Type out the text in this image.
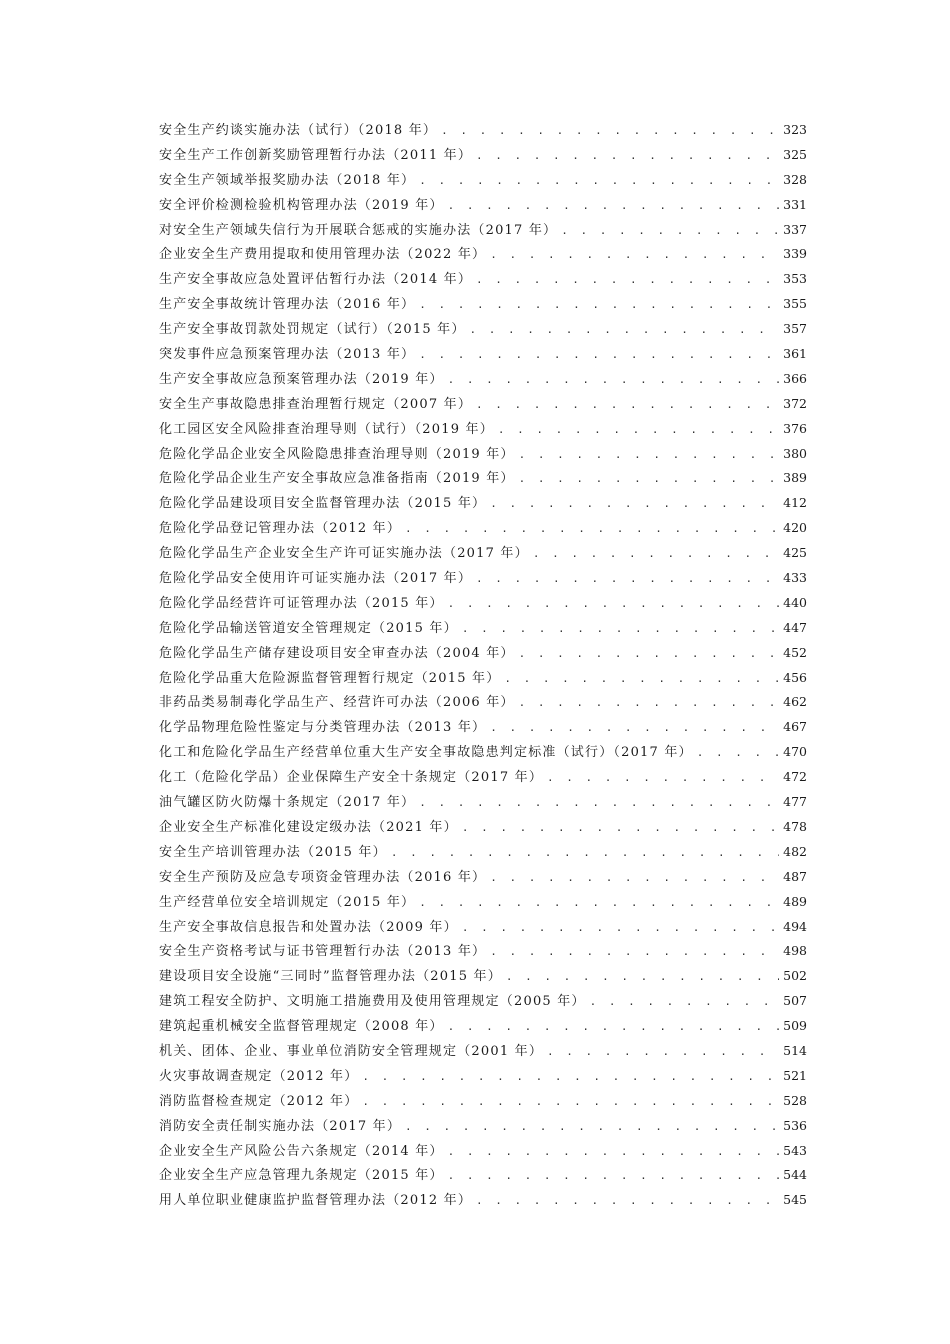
安全生产约谈实施办法（试行）（2018 年） . . .	323
安全生产工作创新奖励管理暂行办法（2011 年） . . .	325
安全生产领域举报奖励办法（2018 年） . . .	328
安全评价检测检验机构管理办法（2019 年） . . .	331
对安全生产领域失信行为开展联合惩戒的实施办法（2017 年） . . .	337
企业安全生产费用提取和使用管理办法（2022 年） . . .	339
生产安全事故应急处置评估暂行办法（2014 年） . . .	353
生产安全事故统计管理办法（2016 年） . . .	355
生产安全事故罚款处罚规定（试行）（2015 年） . . .	357
突发事件应急预案管理办法（2013 年） . . .	361
生产安全事故应急预案管理办法（2019 年） . . .	366
安全生产事故隐患排查治理暂行规定（2007 年） . . .	372
化工园区安全风险排查治理导则（试行）（2019 年） . . .	376
危险化学品企业安全风险隐患排查治理导则（2019 年） . . .	380
危险化学品企业生产安全事故应急准备指南（2019 年） . . .	389
危险化学品建设项目安全监督管理办法（2015 年） . . .	412
危险化学品登记管理办法（2012 年） . . .	420
危险化学品生产企业安全生产许可证实施办法（2017 年） . . .	425
危险化学品安全使用许可证实施办法（2017 年） . . .	433
危险化学品经营许可证管理办法（2015 年） . . .	440
危险化学品输送管道安全管理规定（2015 年） . . .	447
危险化学品生产储存建设项目安全审查办法（2004 年） . . .	452
危险化学品重大危险源监督管理暂行规定（2015 年） . . .	456
非药品类易制毒化学品生产、经营许可办法（2006 年） . . .	462
化学品物理危险性鉴定与分类管理办法（2013 年） . . .	467
化工和危险化学品生产经营单位重大生产安全事故隐患判定标准（试行）（2017 年） . . .	470
化工（危险化学品）企业保障生产安全十条规定（2017 年） . . .	472
油气罐区防火防爆十条规定（2017 年） . . .	477
企业安全生产标准化建设定级办法（2021 年） . . .	478
安全生产培训管理办法（2015 年） . . .	482
安全生产预防及应急专项资金管理办法（2016 年） . . .	487
生产经营单位安全培训规定（2015 年） . . .	489
生产安全事故信息报告和处置办法（2009 年） . . .	494
安全生产资格考试与证书管理暂行办法（2013 年） . . .	498
建设项目安全设施“三同时”监督管理办法（2015 年） . . .	502
建筑工程安全防护、文明施工措施费用及使用管理规定（2005 年） . . .	507
建筑起重机械安全监督管理规定（2008 年） . . .	509
机关、团体、企业、事业单位消防安全管理规定（2001 年） . . .	514
火灾事故调查规定（2012 年） . . .	521
消防监督检查规定（2012 年） . . .	528
消防安全责任制实施办法（2017 年） . . .	536
企业安全生产风险公告六条规定（2014 年） . . .	543
企业安全生产应急管理九条规定（2015 年） . . .	544
用人单位职业健康监护监督管理办法（2012 年） . . .	545
